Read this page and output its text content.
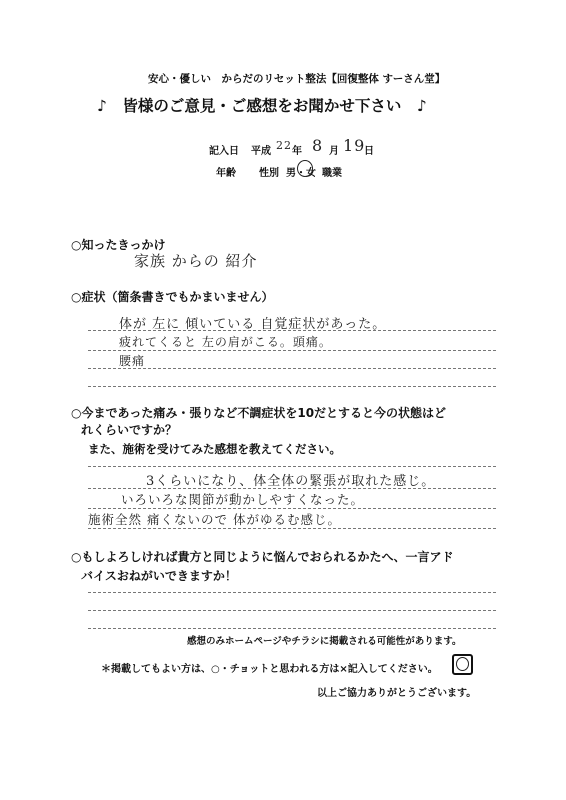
安心・優しい　からだのリセット整法【回復整体 すーさん堂】
♪　皆様のご意見・ご感想をお聞かせ下さい　♪
記入日 平成 22 年 8 月 19
日
年齢 性別 男・女 職業
○知ったきっかけ
家族 からの 紹介
○症状（箇条書きでもかまいません）
体が 左に 傾いている 自覚症状があった。
疲れてくると 左の肩がこる。頭痛。
腰痛
○今まであった痛み・張りなど不調症状を10だとすると今の状態はど
れくらいですか？
また、施術を受けてみた感想を教えてください。
3くらいになり、体全体の緊張が取れた感じ。
いろいろな関節が動かしやすくなった。
施術全然 痛くないので 体がゆるむ感じ。
○もしよろしければ貴方と同じように悩んでおられるかたへ、一言アド
バイスおねがいできますか！
感想のみホームページやチラシに掲載される可能性があります。
＊掲載してもよい方は、○・チョットと思われる方は×記入してください。
以上ご協力ありがとうございます。
